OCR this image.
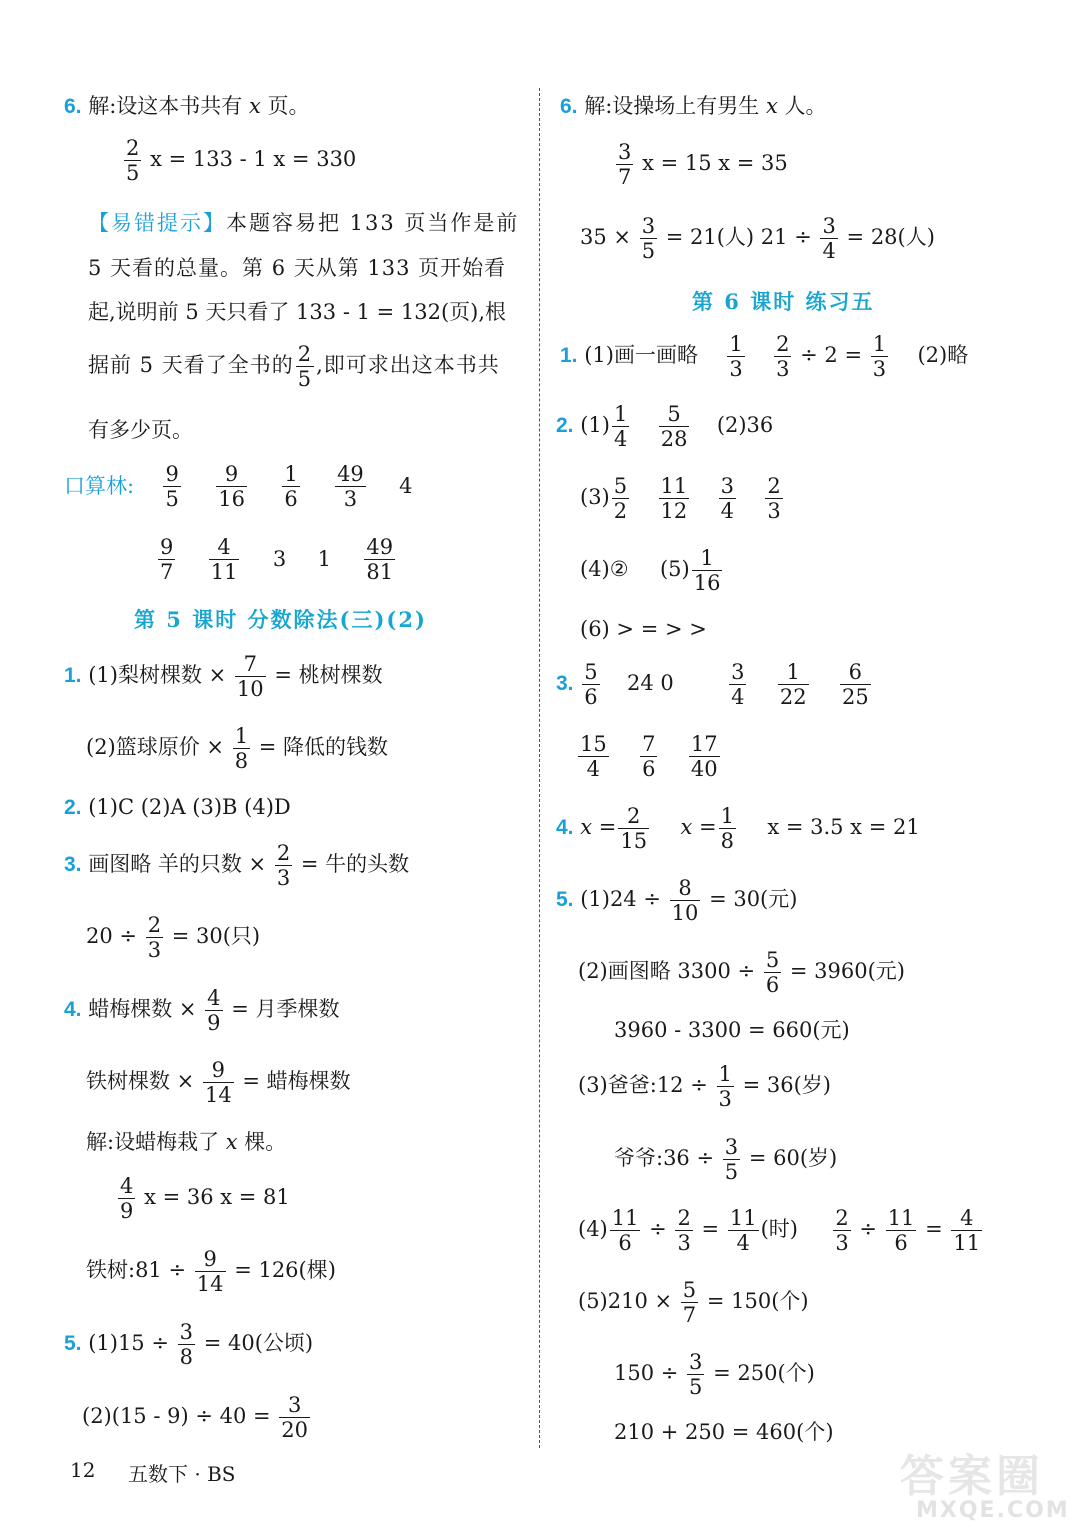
6. 解:设这本书共有 x 页。
$\frac{2}{5}$ x = 133 - 1 x = 330
【易错提示】本题容易把 133 页当作是前
5 天看的总量。第 6 天从第 133 页开始看
起,说明前 5 天只看了 133 - 1 = 132(页),根
据前 5 天看了全书的 $\frac{2}{5}$ ,即可求出这本书共
有多少页。
口算林: $\frac{9}{5}$
$\frac{9}{16}$
$\frac{1}{6}$
$\frac{49}{3} 4$
$\frac{9}{7}$
$\frac{4}{11} 3$ $1 \frac{49}{81}$
第 5 课时 分数除法(三)(2)
1. (1)梨树棵数 × $\frac{7}{10}$ = 桃树棵数
(2)篮球原价 × $\frac{1}{8}$ = 降低的钱数
2. (1)C (2)A (3)B (4)D
3. 画图略 羊的只数 × $\frac{2}{3}$ = 牛的头数
$20 \div \frac{2}{3} = 30$(只)
4. 蜡梅棵数 × $\frac{4}{9}$ = 月季棵数
铁树棵数 × $\frac{9}{14}$ = 蜡梅棵数
解:设蜡梅栽了 x 棵。
$\frac{4}{9}$ x = 36 x = 81
铁树:81 ÷ $\frac{9}{14} = 126$(棵)
5. $(1)15 \div \frac{3}{8} = 40$(公顷)
$(2)(15 - 9) \div 40 = \frac{3}{20}$
6. 解:设操场上有男生 x 人。
$\frac{3}{7}$ x = 15 x = 35
$35 \times \frac{3}{5} = 21$(人) $21 \div \frac{3}{4} = 28$(人)
第 6 课时 练习五
1. (1)画一画略 $\frac{1}{3}$
$\frac{2}{3} \div 2 = \frac{1}{3} (2)$略
2. $(1) \frac{1}{4}$
$\frac{5}{28} (2)36$
$(3) \frac{5}{2}$
$\frac{11}{12}$
$\frac{3}{4}$
$\frac{2}{3}$
(4)② $(5) \frac{1}{16}$
(6) > = > >
3. $\frac{5}{6} 24$ 0	$\frac{3}{4}$
$\frac{1}{22}$
$\frac{6}{25}$
$\frac{15}{4}$
$\frac{7}{6}$
$\frac{17}{40}$
4. $x = \frac{2}{15}$ $x = \frac{1}{8}$ x = 3.5 x = 21
5. $(1)24 \div \frac{8}{10} = 30$(元)
(2)画图略 $3300 \div \frac{5}{6} = 3960$(元)
3960 - 3300 = 660(元)
(3)爸爸:12 ÷ $\frac{1}{3} = 36$(岁)
爷爷:36 ÷ $\frac{3}{5} = 60$(岁)
$(4) \frac{11}{6} \div \frac{2}{3} = \frac{11}{4}$ (时) $\frac{2}{3} \div \frac{11}{6} = \frac{4}{11}$
$(5)210 \times \frac{5}{7} = 150$(个)
$150 \div \frac{3}{5} = 250$(个)
210 + 250 = 460(个)
12 五数下 · BS	答案圈
MXQE.COM
